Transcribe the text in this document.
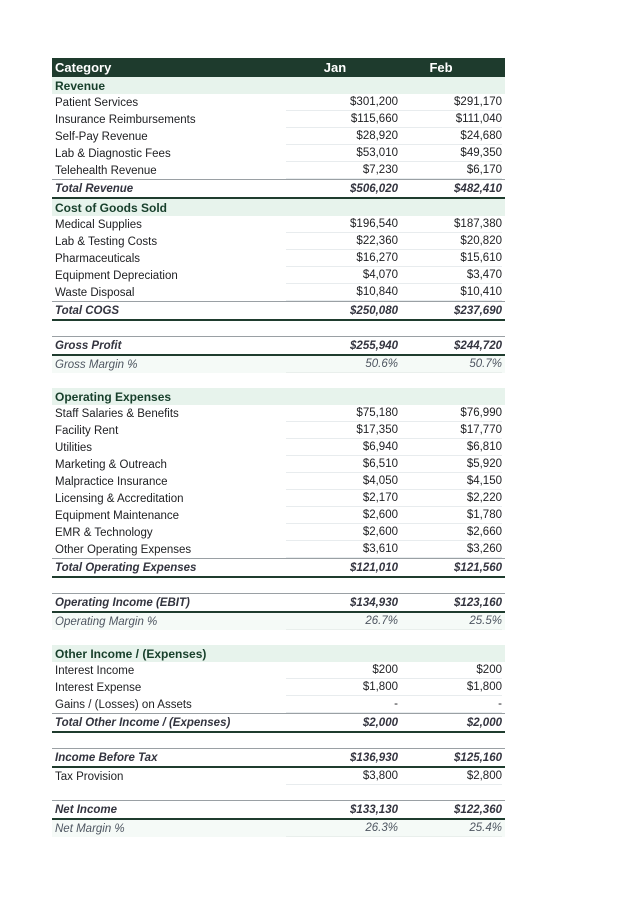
Category	Jan	Feb
Revenue
Patient Services	$301,200	$291,170
Insurance Reimbursements	$115,660	$111,040
Self-Pay Revenue	$28,920	$24,680
Lab & Diagnostic Fees	$53,010	$49,350
Telehealth Revenue	$7,230	$6,170
Total Revenue	$506,020	$482,410
Cost of Goods Sold
Medical Supplies	$196,540	$187,380
Lab & Testing Costs	$22,360	$20,820
Pharmaceuticals	$16,270	$15,610
Equipment Depreciation	$4,070	$3,470
Waste Disposal	$10,840	$10,410
Total COGS	$250,080	$237,690
Gross Profit	$255,940	$244,720
Gross Margin %	50.6%	50.7%
Operating Expenses
Staff Salaries & Benefits	$75,180	$76,990
Facility Rent	$17,350	$17,770
Utilities	$6,940	$6,810
Marketing & Outreach	$6,510	$5,920
Malpractice Insurance	$4,050	$4,150
Licensing & Accreditation	$2,170	$2,220
Equipment Maintenance	$2,600	$1,780
EMR & Technology	$2,600	$2,660
Other Operating Expenses	$3,610	$3,260
Total Operating Expenses	$121,010	$121,560
Operating Income (EBIT)	$134,930	$123,160
Operating Margin %	26.7%	25.5%
Other Income / (Expenses)
Interest Income	$200	$200
Interest Expense	$1,800	$1,800
Gains / (Losses) on Assets	-	-
Total Other Income / (Expenses)	$2,000	$2,000
Income Before Tax	$136,930	$125,160
Tax Provision	$3,800	$2,800
Net Income	$133,130	$122,360
Net Margin %	26.3%	25.4%
